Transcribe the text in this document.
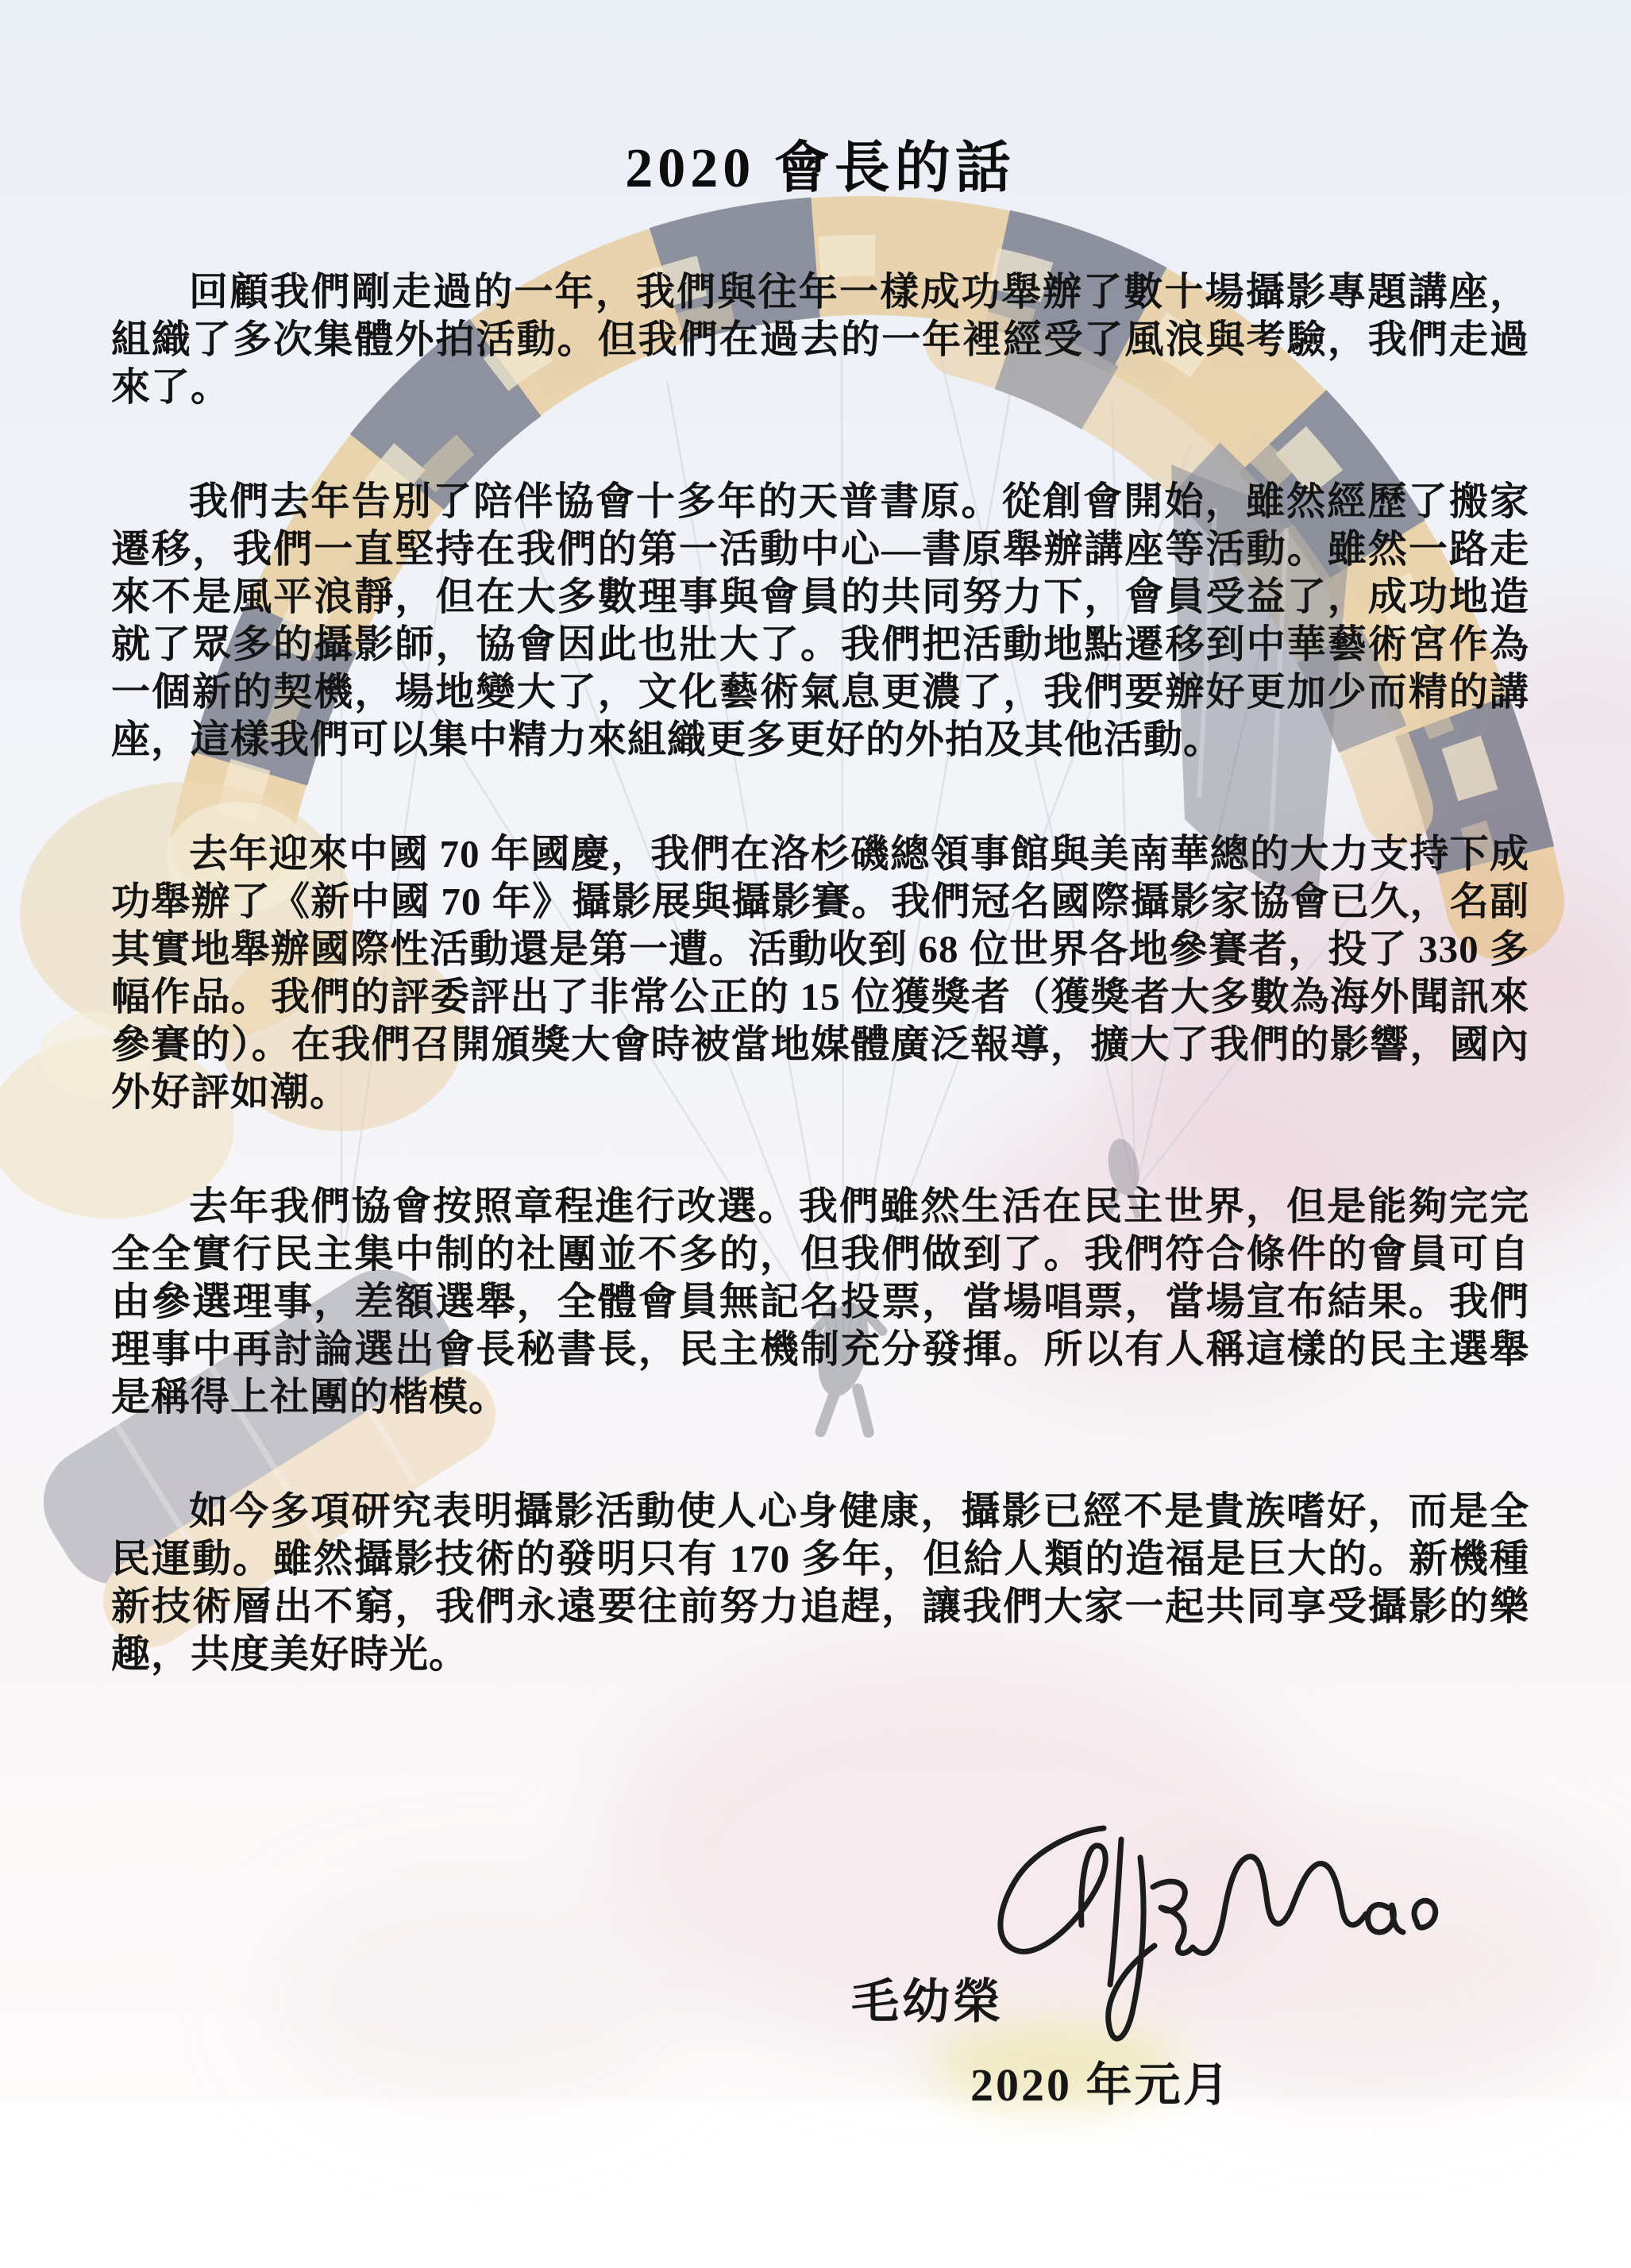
2020 會長的話

回顧我們剛走過的一年，我們與往年一樣成功舉辦了數十場攝影專題講座，組織了多次集體外拍活動。但我們在過去的一年裡經受了風浪與考驗，我們走過來了。

我們去年告別了陪伴協會十多年的天普書原。從創會開始，雖然經歷了搬家遷移，我們一直堅持在我們的第一活動中心—書原舉辦講座等活動。雖然一路走來不是風平浪靜，但在大多數理事與會員的共同努力下，會員受益了，成功地造就了眾多的攝影師，協會因此也壯大了。我們把活動地點遷移到中華藝術宮作為一個新的契機，場地變大了，文化藝術氣息更濃了，我們要辦好更加少而精的講座，這樣我們可以集中精力來組織更多更好的外拍及其他活動。

去年迎來中國 70 年國慶，我們在洛杉磯總領事館與美南華總的大力支持下成功舉辦了《新中國 70 年》攝影展與攝影賽。我們冠名國際攝影家協會已久，名副其實地舉辦國際性活動還是第一遭。活動收到 68 位世界各地參賽者，投了 330 多幅作品。我們的評委評出了非常公正的 15 位獲獎者（獲獎者大多數為海外聞訊來參賽的）。在我們召開頒獎大會時被當地媒體廣泛報導，擴大了我們的影響，國內外好評如潮。

去年我們協會按照章程進行改選。我們雖然生活在民主世界，但是能夠完完全全實行民主集中制的社團並不多的，但我們做到了。我們符合條件的會員可自由參選理事，差額選舉，全體會員無記名投票，當場唱票，當場宣布結果。我們理事中再討論選出會長秘書長，民主機制充分發揮。所以有人稱這樣的民主選舉是稱得上社團的楷模。

如今多項研究表明攝影活動使人心身健康，攝影已經不是貴族嗜好，而是全民運動。雖然攝影技術的發明只有 170 多年，但給人類的造福是巨大的。新機種新技術層出不窮，我們永遠要往前努力追趕，讓我們大家一起共同享受攝影的樂趣，共度美好時光。

毛幼榮
2020 年元月
